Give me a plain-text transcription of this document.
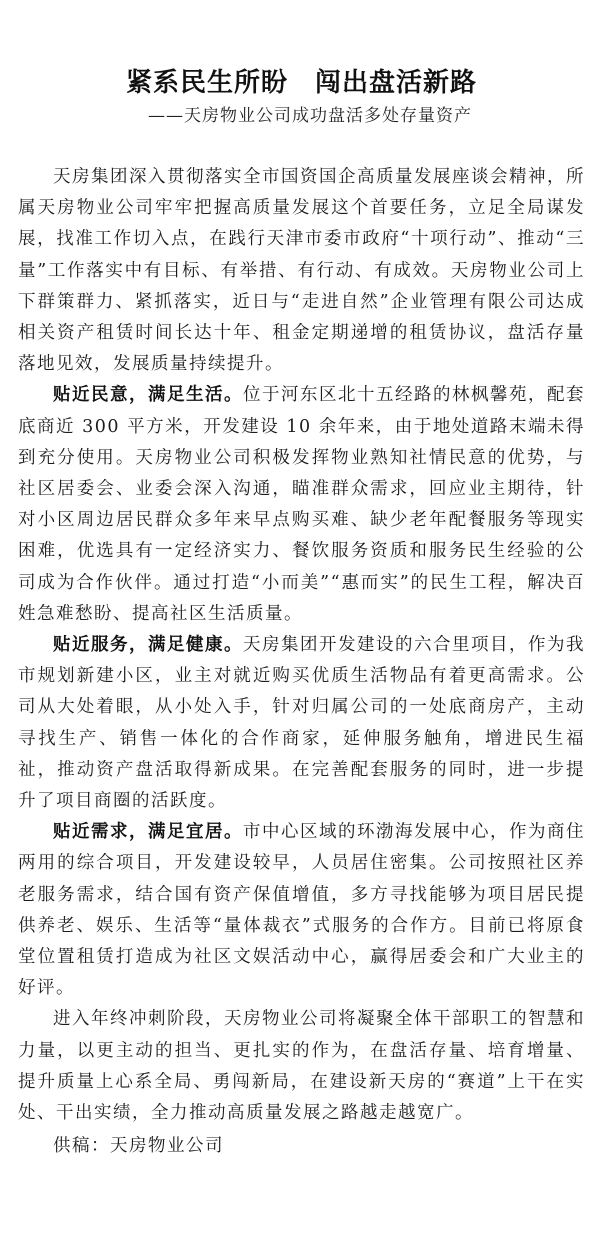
紧系民生所盼　闯出盘活新路
——天房物业公司成功盘活多处存量资产

天房集团深入贯彻落实全市国资国企高质量发展座谈会精神，所属天房物业公司牢牢把握高质量发展这个首要任务，立足全局谋发展，找准工作切入点，在践行天津市委市政府“十项行动”、推动“三量”工作落实中有目标、有举措、有行动、有成效。天房物业公司上下群策群力、紧抓落实，近日与“走进自然”企业管理有限公司达成相关资产租赁时间长达十年、租金定期递增的租赁协议，盘活存量落地见效，发展质量持续提升。

贴近民意，满足生活。位于河东区北十五经路的林枫馨苑，配套底商近 300 平方米，开发建设 10 余年来，由于地处道路末端未得到充分使用。天房物业公司积极发挥物业熟知社情民意的优势，与社区居委会、业委会深入沟通，瞄准群众需求，回应业主期待，针对小区周边居民群众多年来早点购买难、缺少老年配餐服务等现实困难，优选具有一定经济实力、餐饮服务资质和服务民生经验的公司成为合作伙伴。通过打造“小而美”“惠而实”的民生工程，解决百姓急难愁盼、提高社区生活质量。

贴近服务，满足健康。天房集团开发建设的六合里项目，作为我市规划新建小区，业主对就近购买优质生活物品有着更高需求。公司从大处着眼，从小处入手，针对归属公司的一处底商房产，主动寻找生产、销售一体化的合作商家，延伸服务触角，增进民生福祉，推动资产盘活取得新成果。在完善配套服务的同时，进一步提升了项目商圈的活跃度。

贴近需求，满足宜居。市中心区域的环渤海发展中心，作为商住两用的综合项目，开发建设较早，人员居住密集。公司按照社区养老服务需求，结合国有资产保值增值，多方寻找能够为项目居民提供养老、娱乐、生活等“量体裁衣”式服务的合作方。目前已将原食堂位置租赁打造成为社区文娱活动中心，赢得居委会和广大业主的好评。

进入年终冲刺阶段，天房物业公司将凝聚全体干部职工的智慧和力量，以更主动的担当、更扎实的作为，在盘活存量、培育增量、提升质量上心系全局、勇闯新局，在建设新天房的“赛道”上干在实处、干出实绩，全力推动高质量发展之路越走越宽广。

供稿：天房物业公司
